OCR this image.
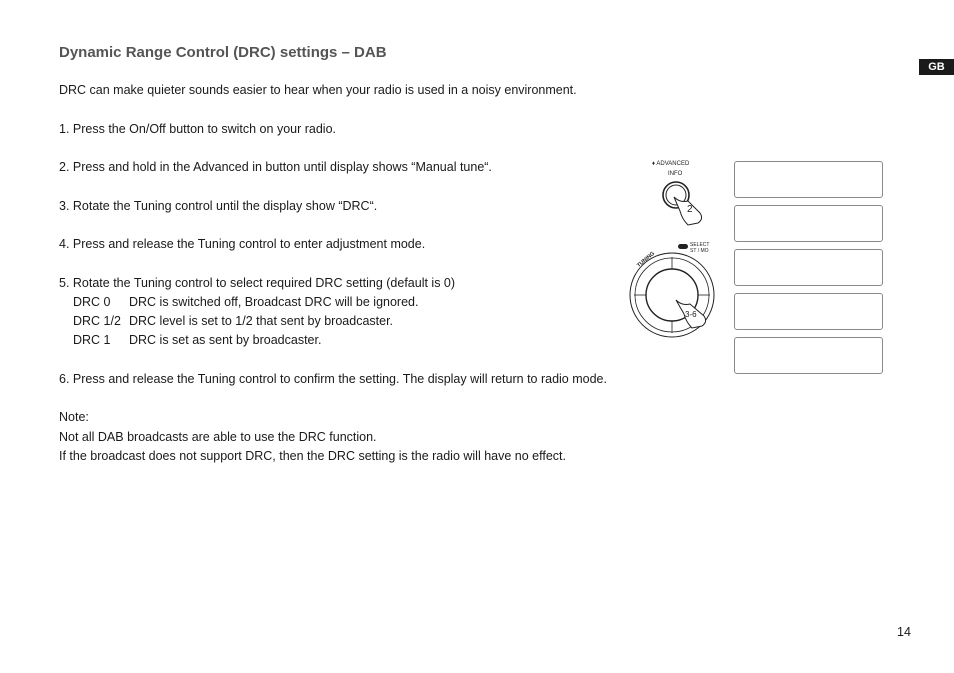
Dynamic Range Control (DRC) settings – DAB
GB
DRC can make quieter sounds easier to hear when your radio is used in a noisy environment.
1. Press the On/Off button to switch on your radio.
2. Press and hold in the Advanced in button until display shows “Manual tune“.
3. Rotate the Tuning control until the display show “DRC“.
4. Press and release the Tuning control to enter adjustment mode.
5. Rotate the Tuning control to select required DRC setting (default is 0)
DRC 0 DRC is switched off, Broadcast DRC will be ignored.
DRC 1/2 DRC level is set to 1/2 that sent by broadcaster.
DRC 1 DRC is set as sent by broadcaster.
6. Press and release the Tuning control to confirm the setting. The display will return to radio mode.
Note:
Not all DAB broadcasts are able to use the DRC function.
If the broadcast does not support DRC, then the DRC setting is the radio will have no effect.
♦ ADVANCED
INFO
2
TUNING
SELECT
ST / MO
3-6
14
